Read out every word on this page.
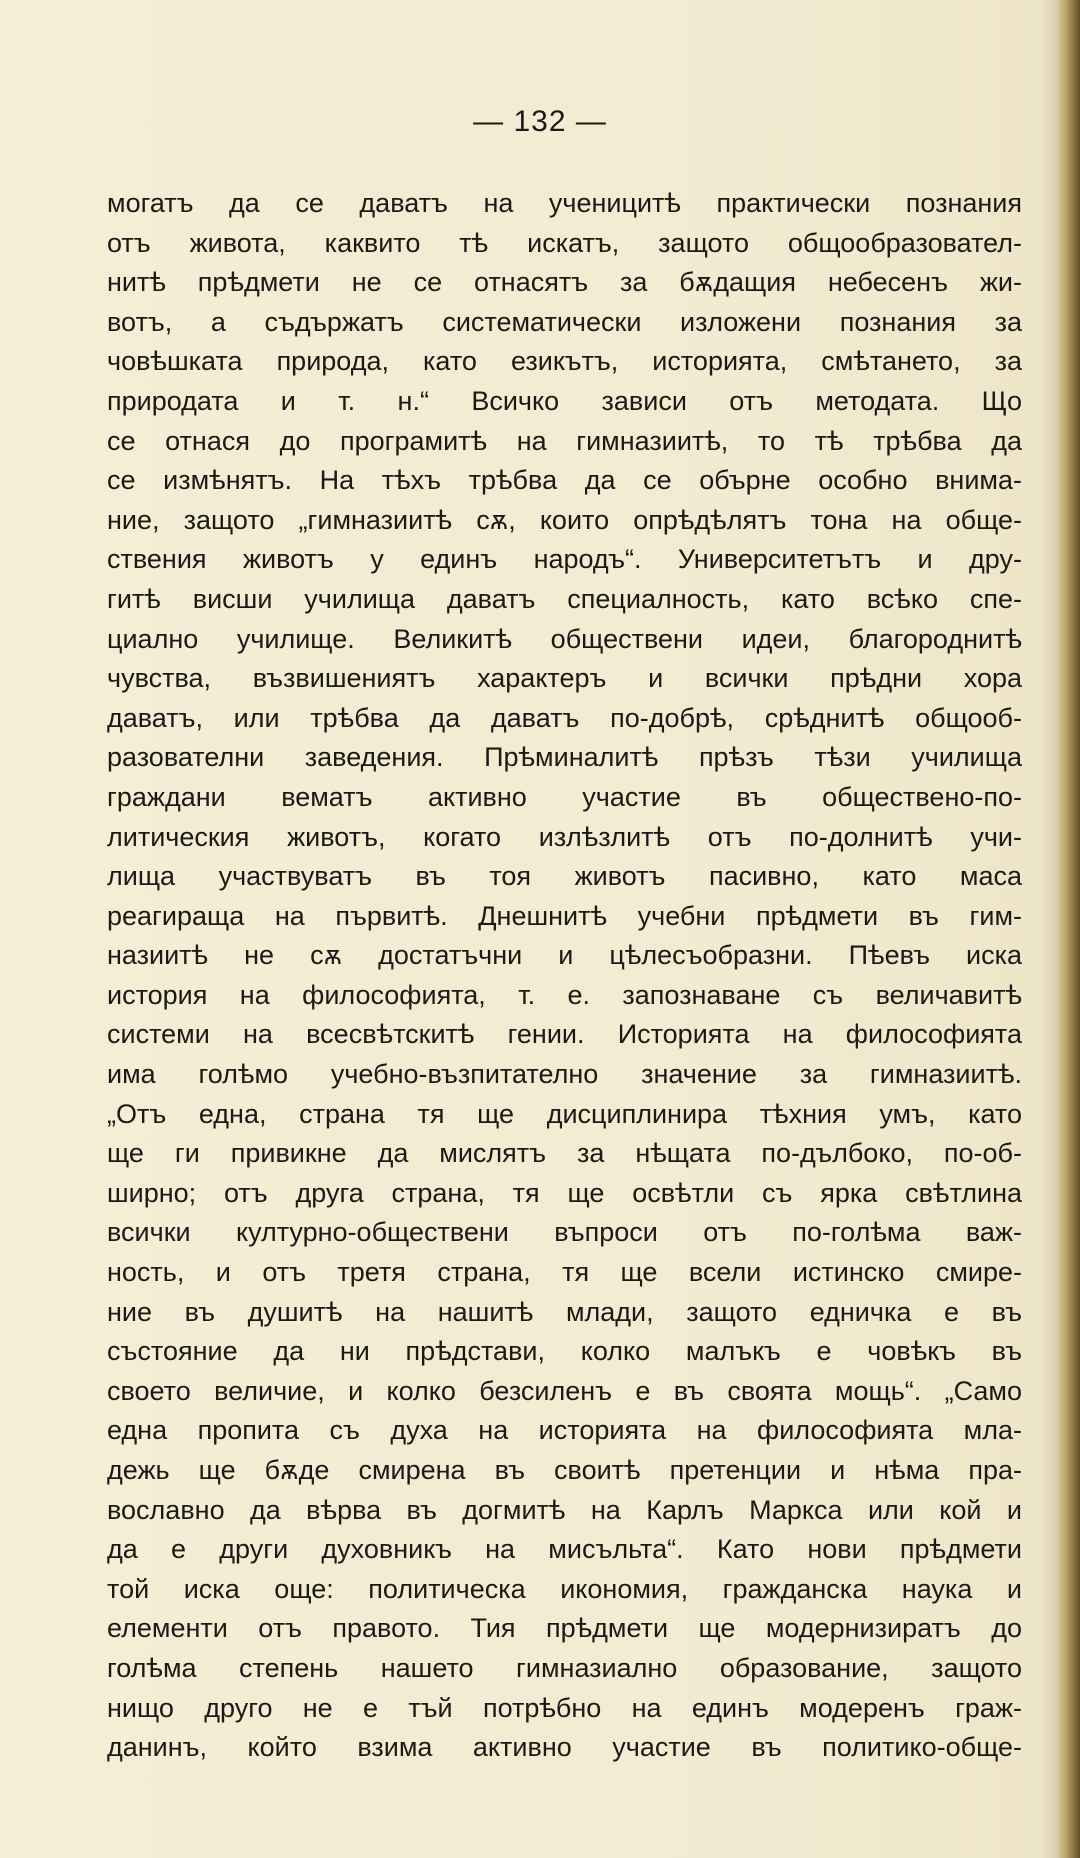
— 132 —
могатъ да се даватъ на ученицитѣ практически познания
отъ живота, каквито тѣ искатъ, защото общообразовател-
нитѣ прѣдмети не се отнасятъ за бѫдащия небесенъ жи-
вотъ, а съдържатъ систематически изложени познания за
човѣшката природа, като езикътъ, историята, смѣтането, за
природата и т. н.“ Всичко зависи отъ методата. Що
се отнася до програмитѣ на гимназиитѣ, то тѣ трѣбва да
се измѣнятъ. На тѣхъ трѣбва да се обърне особно внима-
ние, защото „гимназиитѣ сѫ, които опрѣдѣлятъ тона на обще-
ствения животъ у единъ народъ“. Университетътъ и дру-
гитѣ висши училища даватъ специалность, като всѣко спе-
циално училище. Великитѣ обществени идеи, благороднитѣ
чувства, възвишениятъ характеръ и всички прѣдни хора
даватъ, или трѣбва да даватъ по-добрѣ, срѣднитѣ общооб-
разователни заведения. Прѣминалитѣ прѣзъ тѣзи училища
граждани вематъ активно участие въ обществено-по-
литическия животъ, когато излѣзлитѣ отъ по-долнитѣ учи-
лища участвуватъ въ тоя животъ пасивно, като маса
реагираща на първитѣ. Днешнитѣ учебни прѣдмети въ гим-
назиитѣ не сѫ достатъчни и цѣлесъобразни. Пѣевъ иска
история на философията, т. е. запознаване съ величавитѣ
системи на всесвѣтскитѣ гении. Историята на философията
има голѣмо учебно-възпитателно значение за гимназиитѣ.
„Отъ една, страна тя ще дисциплинира тѣхния умъ, като
ще ги привикне да мислятъ за нѣщата по-дълбоко, по-об-
ширно; отъ друга страна, тя ще освѣтли съ ярка свѣтлина
всички културно-обществени въпроси отъ по-голѣма важ-
ность, и отъ третя страна, тя ще всели истинско смире-
ние въ душитѣ на нашитѣ млади, защото едничка е въ
състояние да ни прѣдстави, колко малъкъ е човѣкъ въ
своето величие, и колко безсиленъ е въ своята мощь“. „Само
една пропита съ духа на историята на философията мла-
дежь ще бѫде смирена въ своитѣ претенции и нѣма пра-
вославно да вѣрва въ догмитѣ на Карлъ Маркса или кой и
да е други духовникъ на мисъльта“. Като нови прѣдмети
той иска още: политическа икономия, гражданска наука и
елементи отъ правото. Тия прѣдмети ще модернизиратъ до
голѣма степень нашето гимназиално образование, защото
нищо друго не е тъй потрѣбно на единъ модеренъ граж-
данинъ, който взима активно участие въ политико-обще-
